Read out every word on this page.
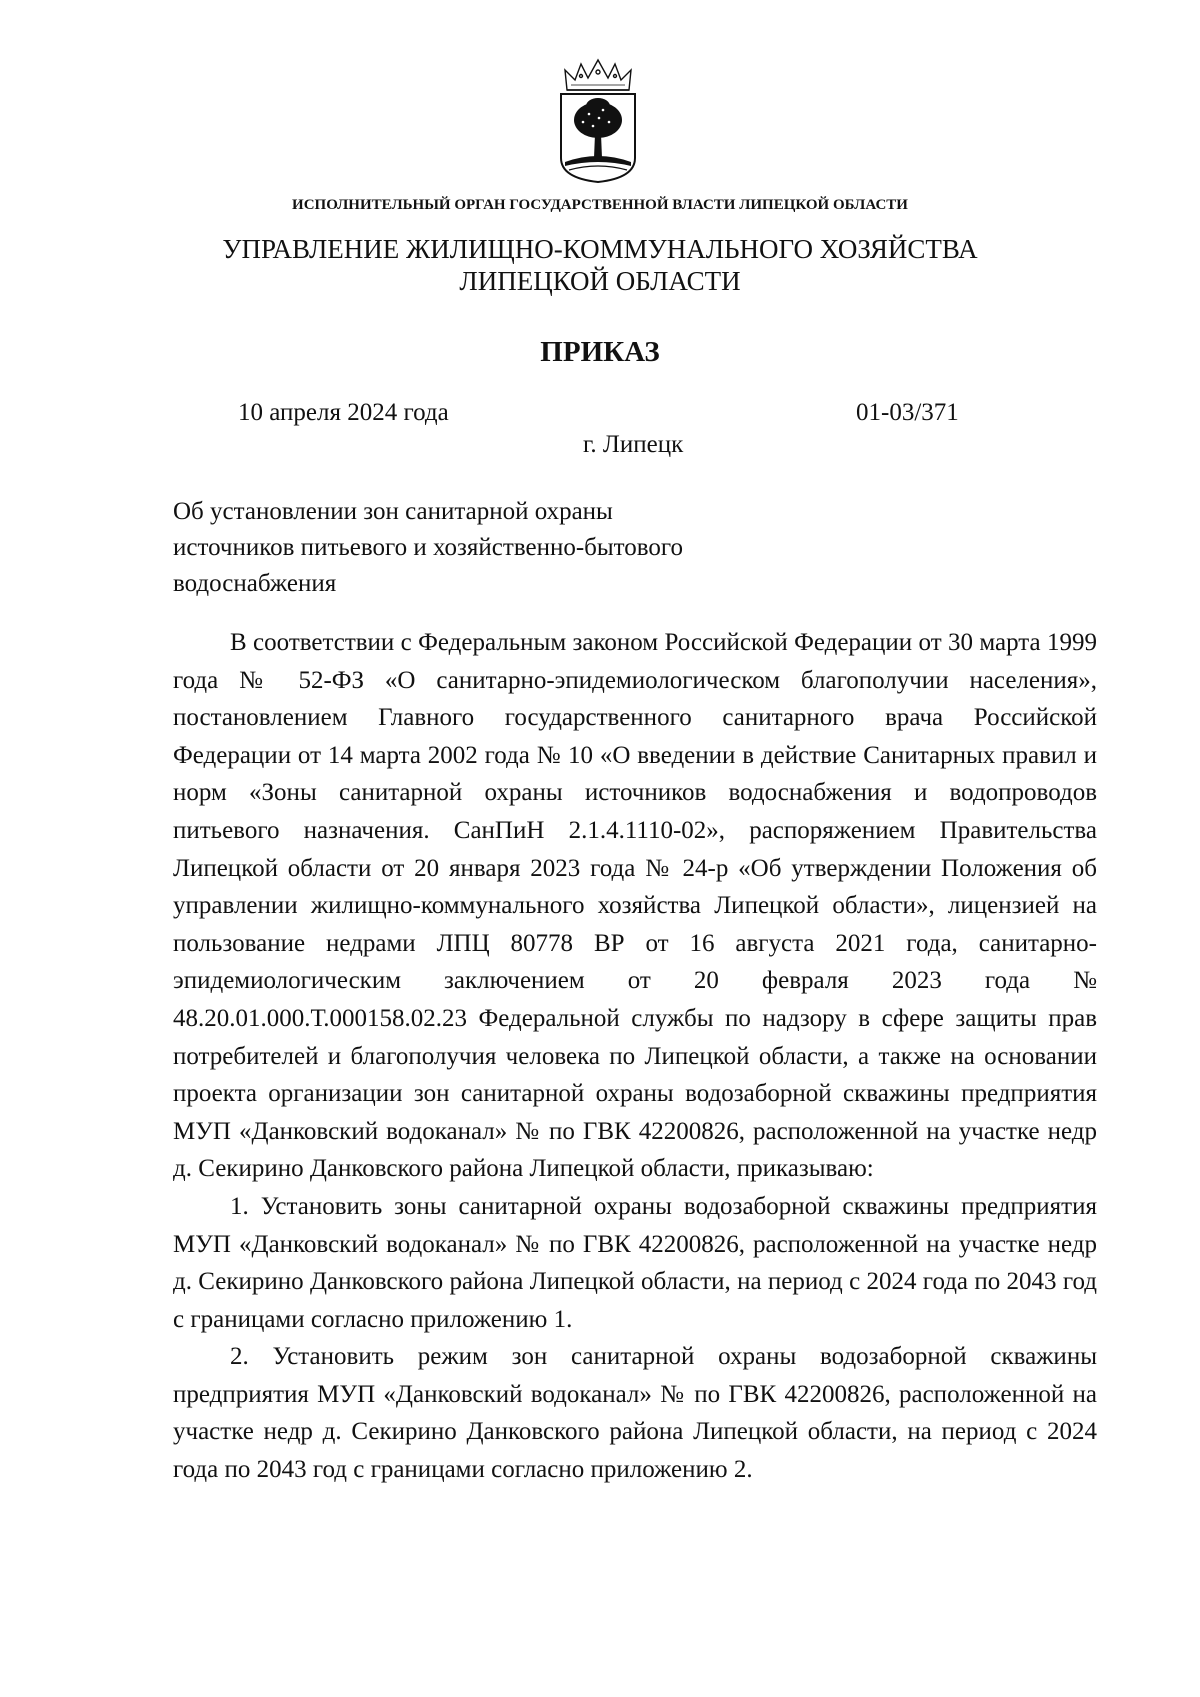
ИСПОЛНИТЕЛЬНЫЙ ОРГАН ГОСУДАРСТВЕННОЙ ВЛАСТИ ЛИПЕЦКОЙ ОБЛАСТИ
УПРАВЛЕНИЕ ЖИЛИЩНО-КОММУНАЛЬНОГО ХОЗЯЙСТВА
ЛИПЕЦКОЙ ОБЛАСТИ
ПРИКАЗ
10 апреля 2024 года	01-03/371
г. Липецк
Об установлении зон санитарной охраны
источников питьевого и хозяйственно-бытового
водоснабжения

В соответствии с Федеральным законом Российской Федерации от 30 марта 1999 года № 52-ФЗ «О санитарно-эпидемиологическом благополучии населения», постановлением Главного государственного санитарного врача Российской Федерации от 14 марта 2002 года № 10 «О введении в действие Санитарных правил и норм «Зоны санитарной охраны источников водоснабжения и водопроводов питьевого назначения. СанПиН 2.1.4.1110-02», распоряжением Правительства Липецкой области от 20 января 2023 года № 24-р «Об утверждении Положения об управлении жилищно-коммунального хозяйства Липецкой области», лицензией на пользование недрами ЛПЦ 80778 ВР от 16 августа 2021 года, санитарно-эпидемиологическим заключением от 20 февраля 2023 года № 48.20.01.000.Т.000158.02.23 Федеральной службы по надзору в сфере защиты прав потребителей и благополучия человека по Липецкой области, а также на основании проекта организации зон санитарной охраны водозаборной скважины предприятия МУП «Данковский водоканал» № по ГВК 42200826, расположенной на участке недр д. Секирино Данковского района Липецкой области, приказываю:

1. Установить зоны санитарной охраны водозаборной скважины предприятия МУП «Данковский водоканал» № по ГВК 42200826, расположенной на участке недр д. Секирино Данковского района Липецкой области, на период с 2024 года по 2043 год с границами согласно приложению 1.

2. Установить режим зон санитарной охраны водозаборной скважины предприятия МУП «Данковский водоканал» № по ГВК 42200826, расположенной на участке недр д. Секирино Данковского района Липецкой области, на период с 2024 года по 2043 год с границами согласно приложению 2.
